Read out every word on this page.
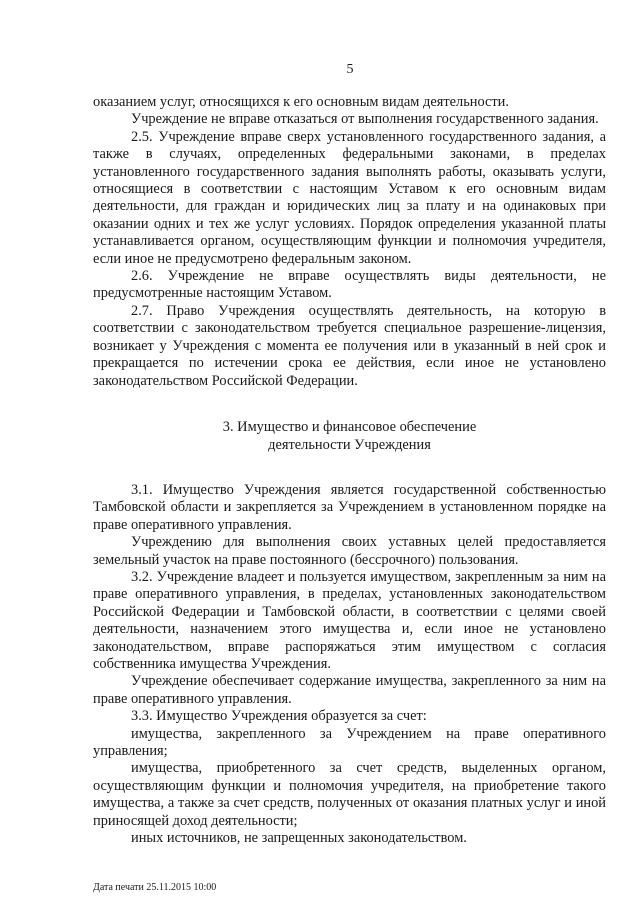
5

оказанием услуг, относящихся к его основным видам деятельности.

Учреждение не вправе отказаться от выполнения государственного задания.

2.5. Учреждение вправе сверх установленного государственного задания, а также в случаях, определенных федеральными законами, в пределах установленного государственного задания выполнять работы, оказывать услуги, относящиеся в соответствии с настоящим Уставом к его основным видам деятельности, для граждан и юридических лиц за плату и на одинаковых при оказании одних и тех же услуг условиях. Порядок определения указанной платы устанавливается органом, осуществляющим функции и полномочия учредителя, если иное не предусмотрено федеральным законом.

2.6. Учреждение не вправе осуществлять виды деятельности, не предусмотренные настоящим Уставом.

2.7. Право Учреждения осуществлять деятельность, на которую в соответствии с законодательством требуется специальное разрешение-лицензия, возникает у Учреждения с момента ее получения или в указанный в ней срок и прекращается по истечении срока ее действия, если иное не установлено законодательством Российской Федерации.

3. Имущество и финансовое обеспечение
деятельности Учреждения

3.1. Имущество Учреждения является государственной собственностью Тамбовской области и закрепляется за Учреждением в установленном порядке на праве оперативного управления.

Учреждению для выполнения своих уставных целей предоставляется земельный участок на праве постоянного (бессрочного) пользования.

3.2. Учреждение владеет и пользуется имуществом, закрепленным за ним на праве оперативного управления, в пределах, установленных законодательством Российской Федерации и Тамбовской области, в соответствии с целями своей деятельности, назначением этого имущества и, если иное не установлено законодательством, вправе распоряжаться этим имуществом с согласия собственника имущества Учреждения.

Учреждение обеспечивает содержание имущества, закрепленного за ним на праве оперативного управления.

3.3. Имущество Учреждения образуется за счет:

имущества, закрепленного за Учреждением на праве оперативного управления;

имущества, приобретенного за счет средств, выделенных органом, осуществляющим функции и полномочия учредителя, на приобретение такого имущества, а также за счет средств, полученных от оказания платных услуг и иной приносящей доход деятельности;

иных источников, не запрещенных законодательством.

Дата печати 25.11.2015 10:00
